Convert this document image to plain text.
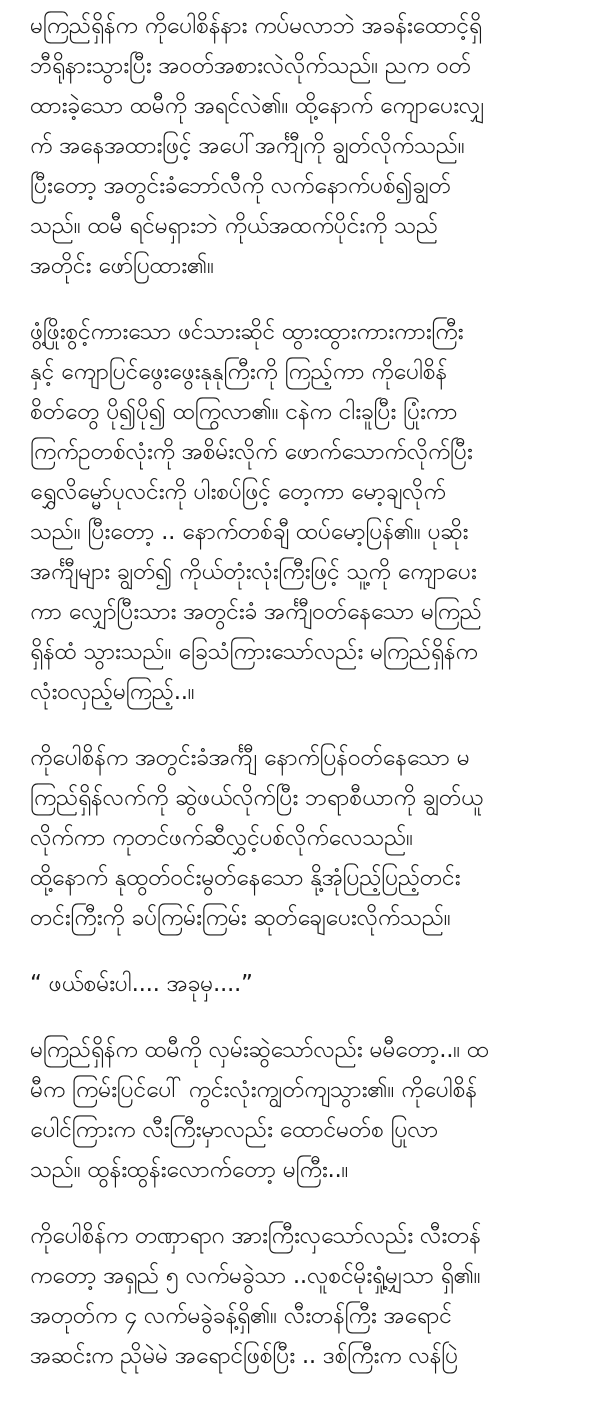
မကြည်ရှိန်က ကိုပေါစိန်နား ကပ်မလာဘဲ အခန်းထောင့်ရှိ
ဘီရိုနားသွားပြီး အဝတ်အစားလဲလိုက်သည်။ ညက ဝတ်
ထားခဲ့သော ထမီကို အရင်လဲ၏။ ထို့နောက် ကျောပေးလျှ
က် အနေအထားဖြင့် အပေါ်အင်္ကျီကို ချွတ်လိုက်သည်။
ပြီးတော့ အတွင်းခံဘော်လီကို လက်နောက်ပစ်၍ချွတ်
သည်။ ထမီ ရင်မရှားဘဲ ကိုယ်အထက်ပိုင်းကို သည်
အတိုင်း ဖော်ပြထား၏။
ဖွံ့ဖြိုးစွင့်ကားသော ဖင်သားဆိုင် ထွားထွားကားကားကြီး
နှင့် ကျောပြင်ဖွေးဖွေးနုနုကြီးကို ကြည့်ကာ ကိုပေါစိန်
စိတ်တွေ ပို၍ပို၍ ထကြွလာ၏။ ငနဲက ငါးခူပြီး ပြုံးကာ
ကြက်ဥတစ်လုံးကို အစိမ်းလိုက် ဖောက်သောက်လိုက်ပြီး
ရွှေလိမ္မော်ပုလင်းကို ပါးစပ်ဖြင့် တေ့ကာ မော့ချလိုက်
သည်။ ပြီးတော့ .. နောက်တစ်ချီ ထပ်မော့ပြန်၏။ ပုဆိုး
အင်္ကျီများ ချွတ်၍ ကိုယ်တုံးလုံးကြီးဖြင့် သူ့ကို ကျောပေး
ကာ လျှော်ပြီးသား အတွင်းခံ အင်္ကျီဝတ်နေသော မကြည်
ရှိန်ထံ သွားသည်။ ခြေသံကြားသော်လည်း မကြည်ရှိန်က
လုံးဝလှည့်မကြည့်..။
ကိုပေါစိန်က အတွင်းခံအင်္ကျီ နောက်ပြန်ဝတ်နေသော မ
ကြည်ရှိန်လက်ကို ဆွဲဖယ်လိုက်ပြီး ဘရာစီယာကို ချွတ်ယူ
လိုက်ကာ ကုတင်ဖက်ဆီလွှင့်ပစ်လိုက်လေသည်။
ထို့နောက် နုထွတ်ဝင်းမွတ်နေသော နို့အုံပြည့်ပြည့်တင်း
တင်းကြီးကို ခပ်ကြမ်းကြမ်း ဆုတ်ချေပေးလိုက်သည်။
“ ဖယ်စမ်းပါ.... အခုမှ....”
မကြည်ရှိန်က ထမီကို လှမ်းဆွဲသော်လည်း မမီတော့..။ ထ
မီက ကြမ်းပြင်ပေါ် ကွင်းလုံးကျွတ်ကျသွား၏။ ကိုပေါစိန်
ပေါင်ကြားက လီးကြီးမှာလည်း ထောင်မတ်စ ပြုလာ
သည်။ ထွန်းထွန်းလောက်တော့ မကြီး..။
ကိုပေါစိန်က တဏှာရာဂ အားကြီးလှသော်လည်း လီးတန်
ကတော့ အရှည် ၅ လက်မခွဲသာ ..လူစင်မိုးရှုံ့မျှသာ ရှိ၏။
အတုတ်က ၄ လက်မခွဲခန့်ရှိ၏။ လီးတန်ကြီး အရောင်
အဆင်းက ညိုမဲမဲ အရောင်ဖြစ်ပြီး .. ဒစ်ကြီးက လန်ပြဲ
